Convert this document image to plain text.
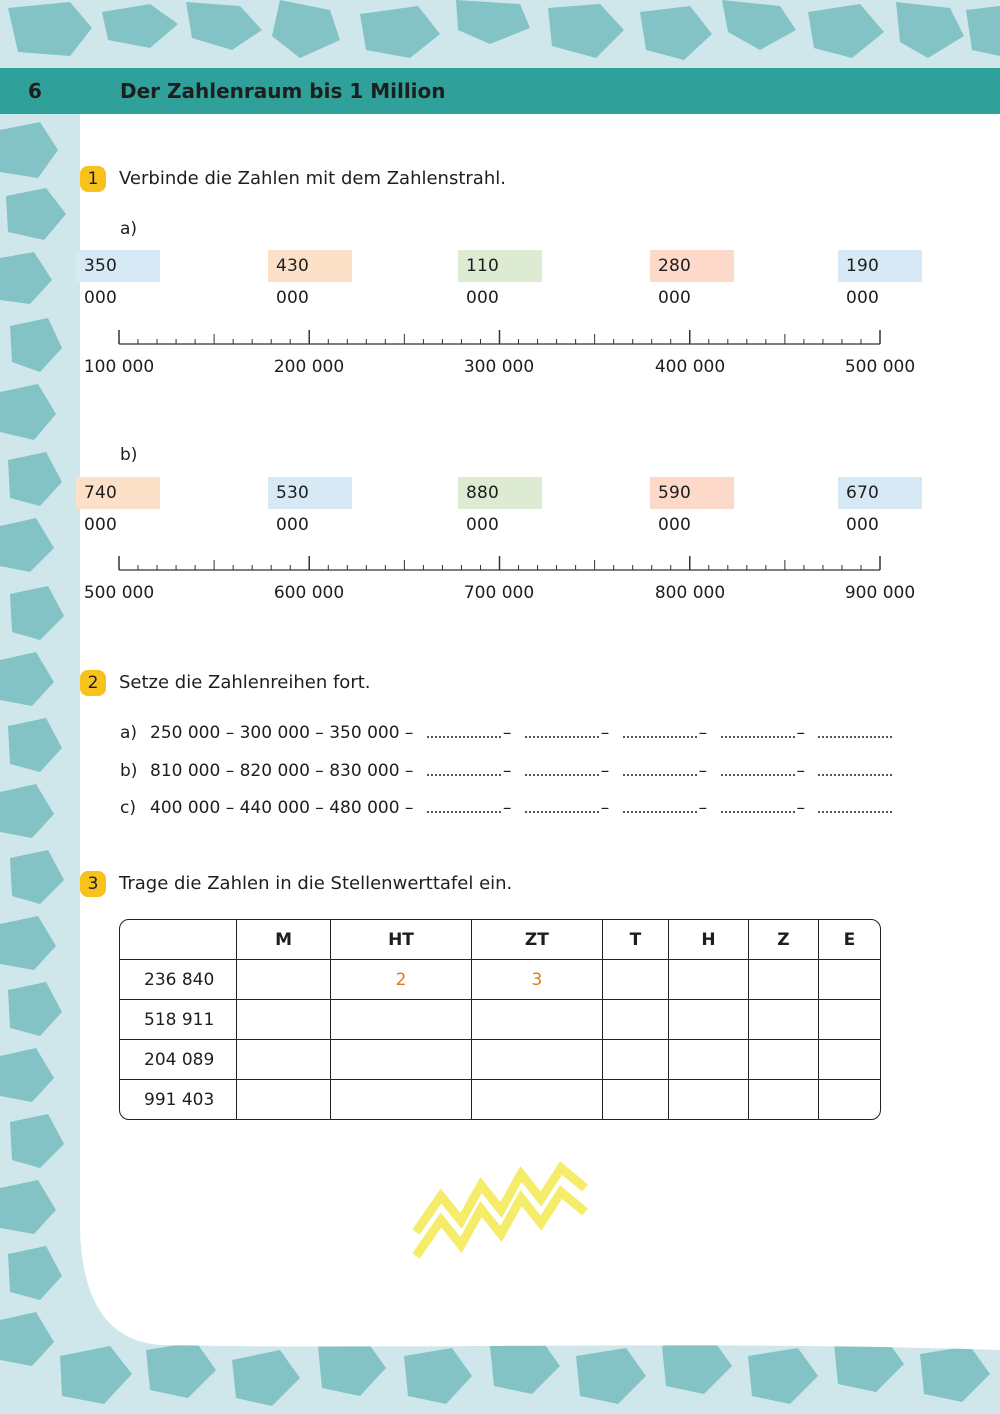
6	Der Zahlenraum bis 1 Million
1	Verbinde die Zahlen mit dem Zahlenstrahl.
a)
350 000
430 000
110 000
280 000
190 000
100 000	200 000	300 000	400 000	500 000
b)
740 000
530 000
880 000
590 000
670 000
500 000	600 000	700 000	800 000	900 000
2	Setze die Zahlenreihen fort.
a) 250 000 – 300 000 – 350 000 –	–	–	–	–
b) 810 000 – 820 000 – 830 000 –	–	–	–	–
c) 400 000 – 440 000 – 480 000 –	–	–	–	–
3	Trage die Zahlen in die Stellenwerttafel ein.
	M	HT	ZT	T	H	Z	E
236 840		2	3				
518 911							
204 089							
991 403							
